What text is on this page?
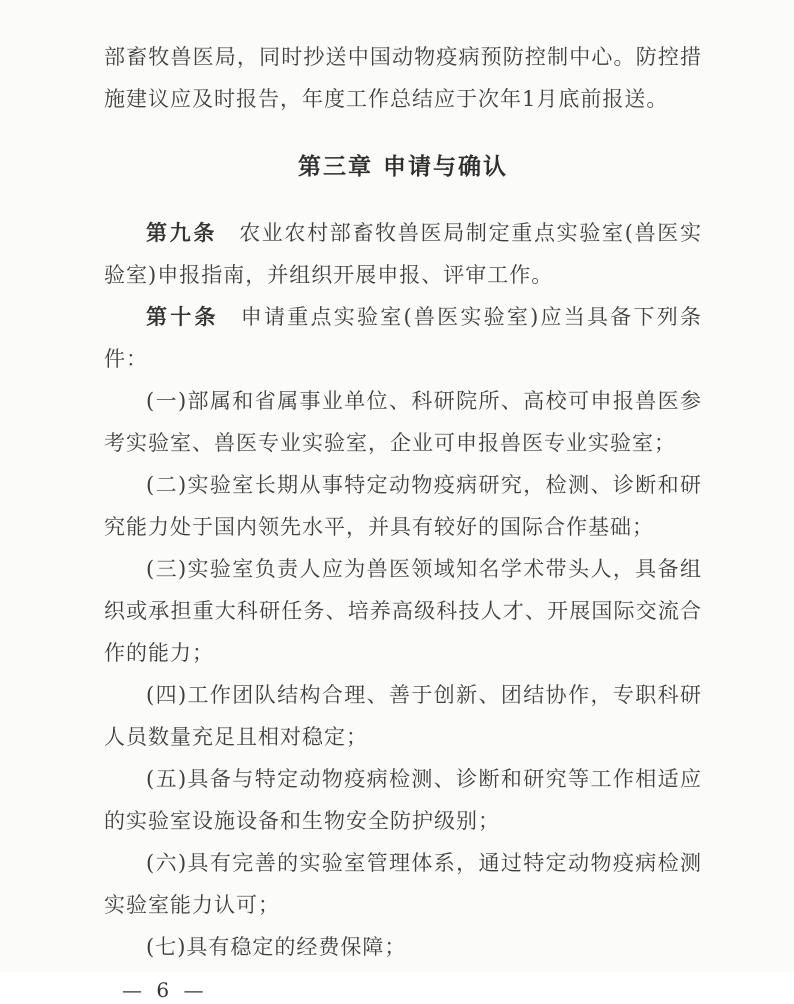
部畜牧兽医局，同时抄送中国动物疫病预防控制中心。防控措施建议应及时报告，年度工作总结应于次年1月底前报送。

第三章 申请与确认

第九条 农业农村部畜牧兽医局制定重点实验室(兽医实验室)申报指南，并组织开展申报、评审工作。

第十条 申请重点实验室(兽医实验室)应当具备下列条件：

(一)部属和省属事业单位、科研院所、高校可申报兽医参考实验室、兽医专业实验室，企业可申报兽医专业实验室；

(二)实验室长期从事特定动物疫病研究，检测、诊断和研究能力处于国内领先水平，并具有较好的国际合作基础；

(三)实验室负责人应为兽医领域知名学术带头人，具备组织或承担重大科研任务、培养高级科技人才、开展国际交流合作的能力；

(四)工作团队结构合理、善于创新、团结协作，专职科研人员数量充足且相对稳定；

(五)具备与特定动物疫病检测、诊断和研究等工作相适应的实验室设施设备和生物安全防护级别；

(六)具有完善的实验室管理体系，通过特定动物疫病检测实验室能力认可；

(七)具有稳定的经费保障；

— 6 —
